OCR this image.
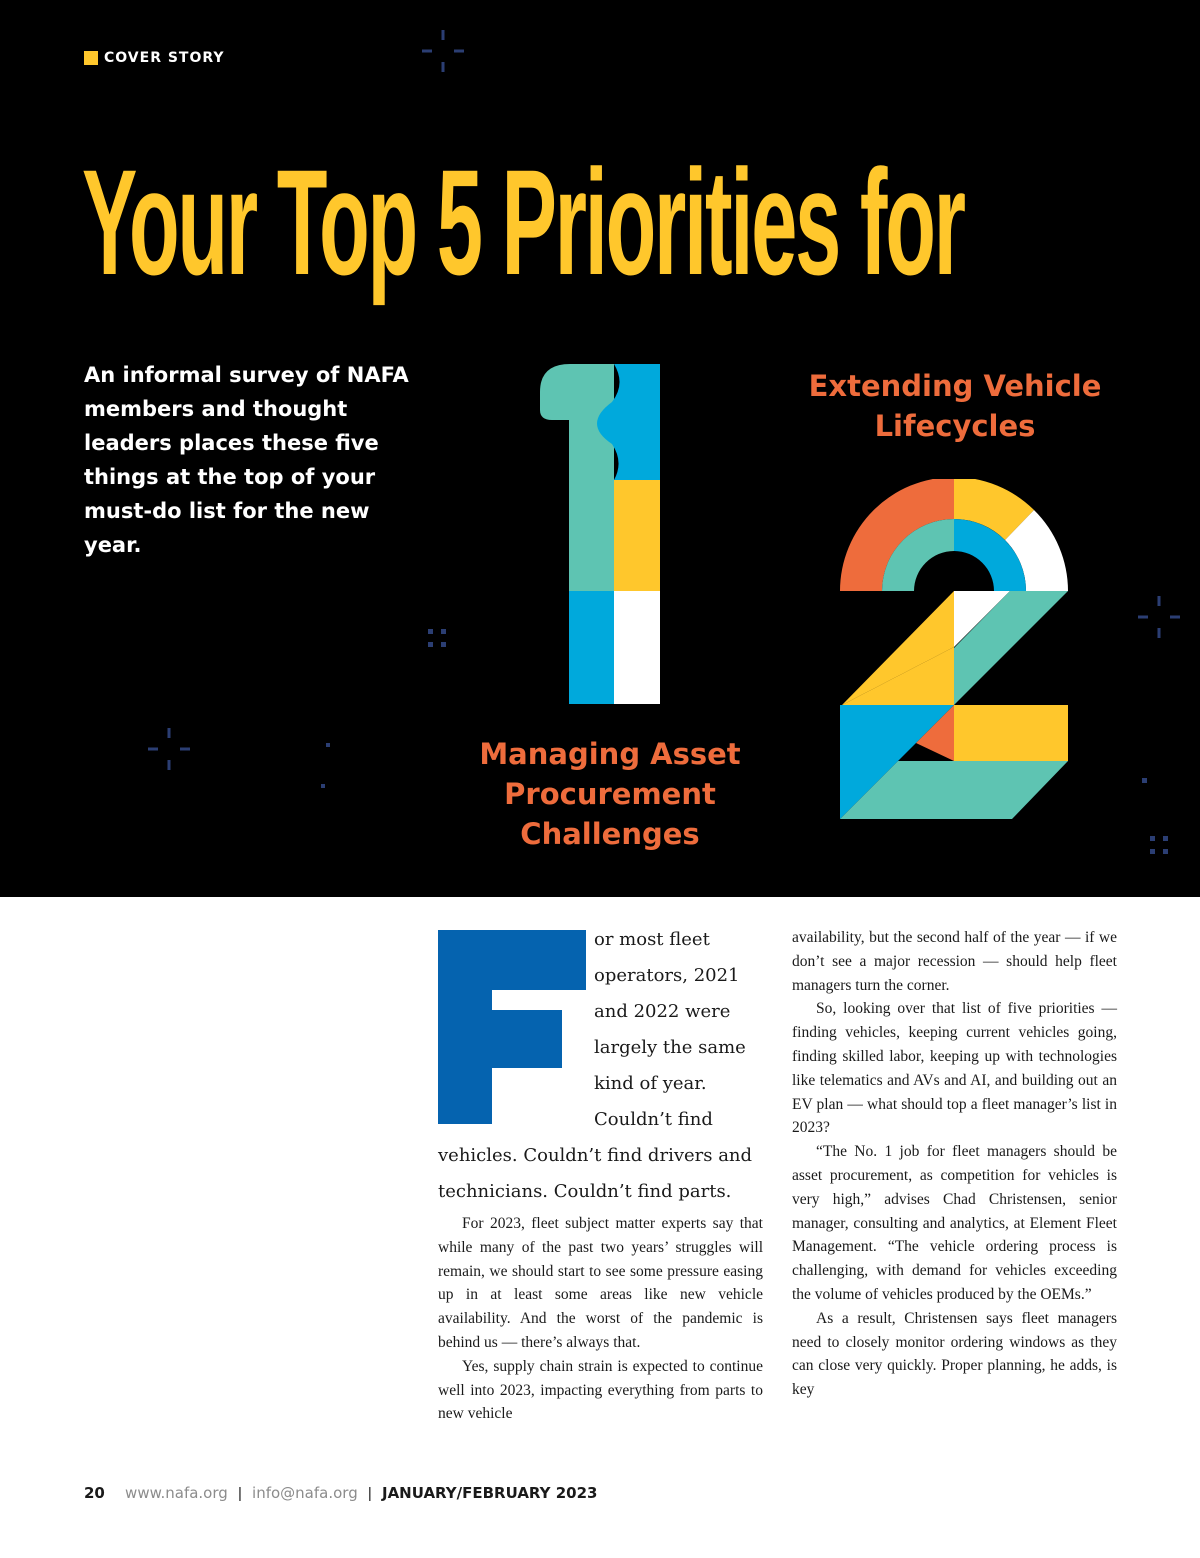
COVER STORY
Your Top 5 Priorities for

An informal survey of NAFA members and thought leaders places these five things at the top of your must-do list for the new year.

Managing Asset Procurement Challenges
Extending Vehicle Lifecycles

or most fleet operators, 2021 and 2022 were largely the same kind of year. Couldn’t find vehicles. Couldn’t find drivers and technicians. Couldn’t find parts.

For 2023, fleet subject matter experts say that while many of the past two years’ struggles will remain, we should start to see some pressure easing up in at least some areas like new vehicle availability. And the worst of the pandemic is behind us — there’s always that.

Yes, supply chain strain is expected to continue well into 2023, impacting everything from parts to new vehicle

availability, but the second half of the year — if we don’t see a major recession — should help fleet managers turn the corner.

So, looking over that list of five priorities — finding vehicles, keeping current vehicles going, finding skilled labor, keeping up with technologies like telematics and AVs and AI, and building out an EV plan — what should top a fleet manager’s list in 2023?

“The No. 1 job for fleet managers should be asset procurement, as competition for vehicles is very high,” advises Chad Christensen, senior manager, consulting and analytics, at Element Fleet Management. “The vehicle ordering process is challenging, with demand for vehicles exceeding the volume of vehicles produced by the OEMs.”

As a result, Christensen says fleet managers need to closely monitor ordering windows as they can close very quickly. Proper planning, he adds, is key

20 www.nafa.org | info@nafa.org | JANUARY/FEBRUARY 2023
